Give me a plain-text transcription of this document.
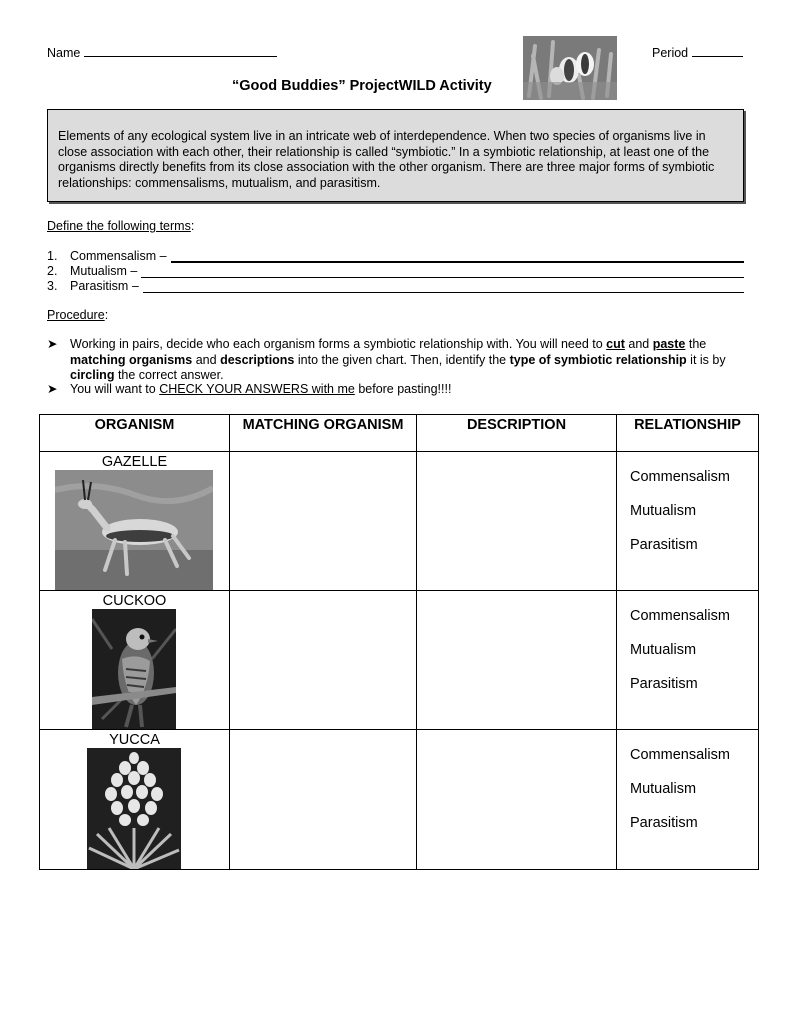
Name	Period
“Good Buddies” ProjectWILD Activity
Elements of any ecological system live in an intricate web of interdependence. When two species of organisms live in close association with each other, their relationship is called “symbiotic.” In a symbiotic relationship, at least one of the organisms directly benefits from its close association with the other organism. There are three major forms of symbiotic relationships: commensalisms, mutualism, and parasitism.
Define the following terms:
1.	Commensalism –
2.	Mutualism –
3.	Parasitism –
Procedure:
➤	Working in pairs, decide who each organism forms a symbiotic relationship with. You will need to cut and paste the matching organisms and descriptions into the given chart. Then, identify the type of symbiotic relationship it is by circling the correct answer.
➤	You will want to CHECK YOUR ANSWERS with me before pasting!!!!
ORGANISM	MATCHING ORGANISM	DESCRIPTION	RELATIONSHIP

GAZELLE			Commensalism
Mutualism
Parasitism

CUCKOO			Commensalism
Mutualism
Parasitism

YUCCA			Commensalism
Mutualism
Parasitism
